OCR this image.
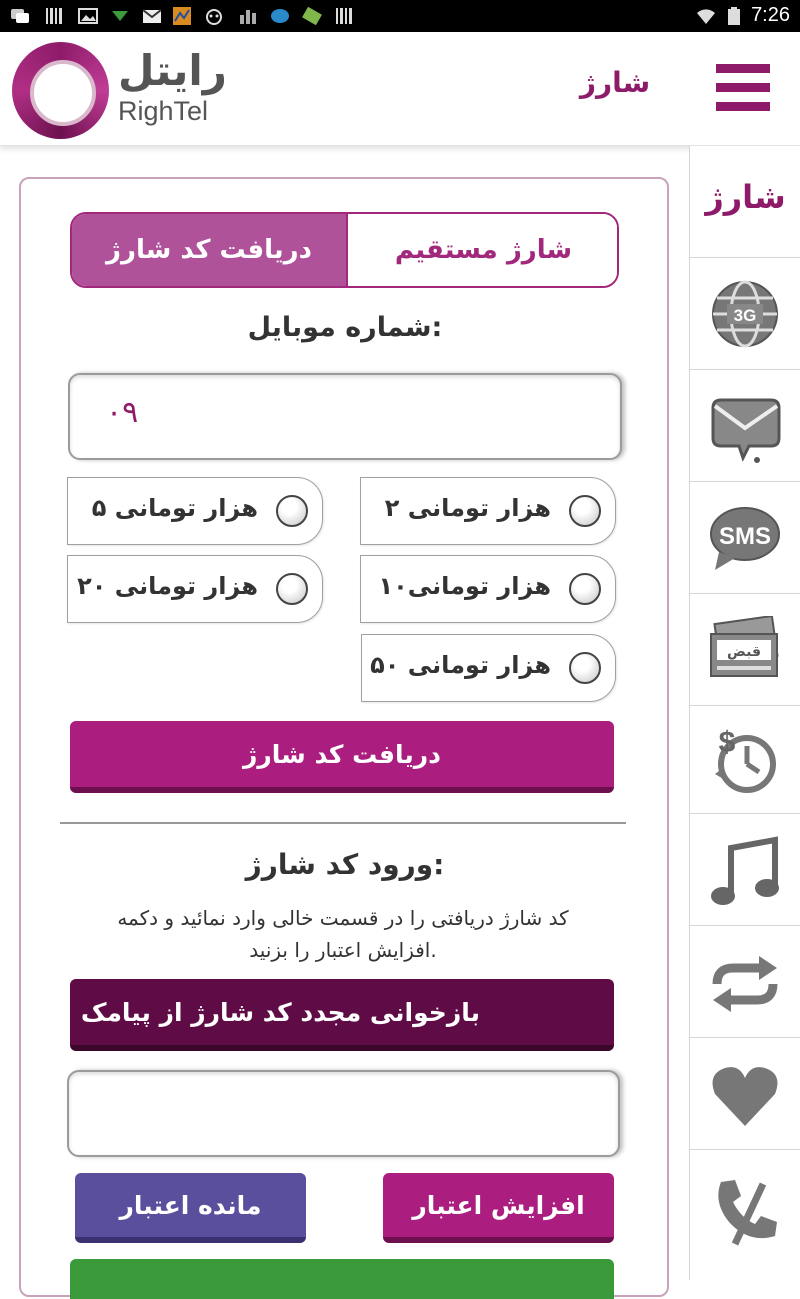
7:26
رایتل
RighTel
شارژ
شارژ
3G
SMS
قبض
$
دریافت کد شارژ	شارژ مستقیم
شماره موبایل:
۰۹
۲ هزار تومانی
۵ هزار تومانی
۱۰هزار تومانی
۲۰ هزار تومانی
۵۰ هزار تومانی
دریافت کد شارژ
ورود کد شارژ:
کد شارژ دریافتی را در قسمت خالی وارد نمائید و دکمه
افزایش اعتبار را بزنید.
بازخوانی مجدد کد شارژ از پیامک
افزایش اعتبار
مانده اعتبار
